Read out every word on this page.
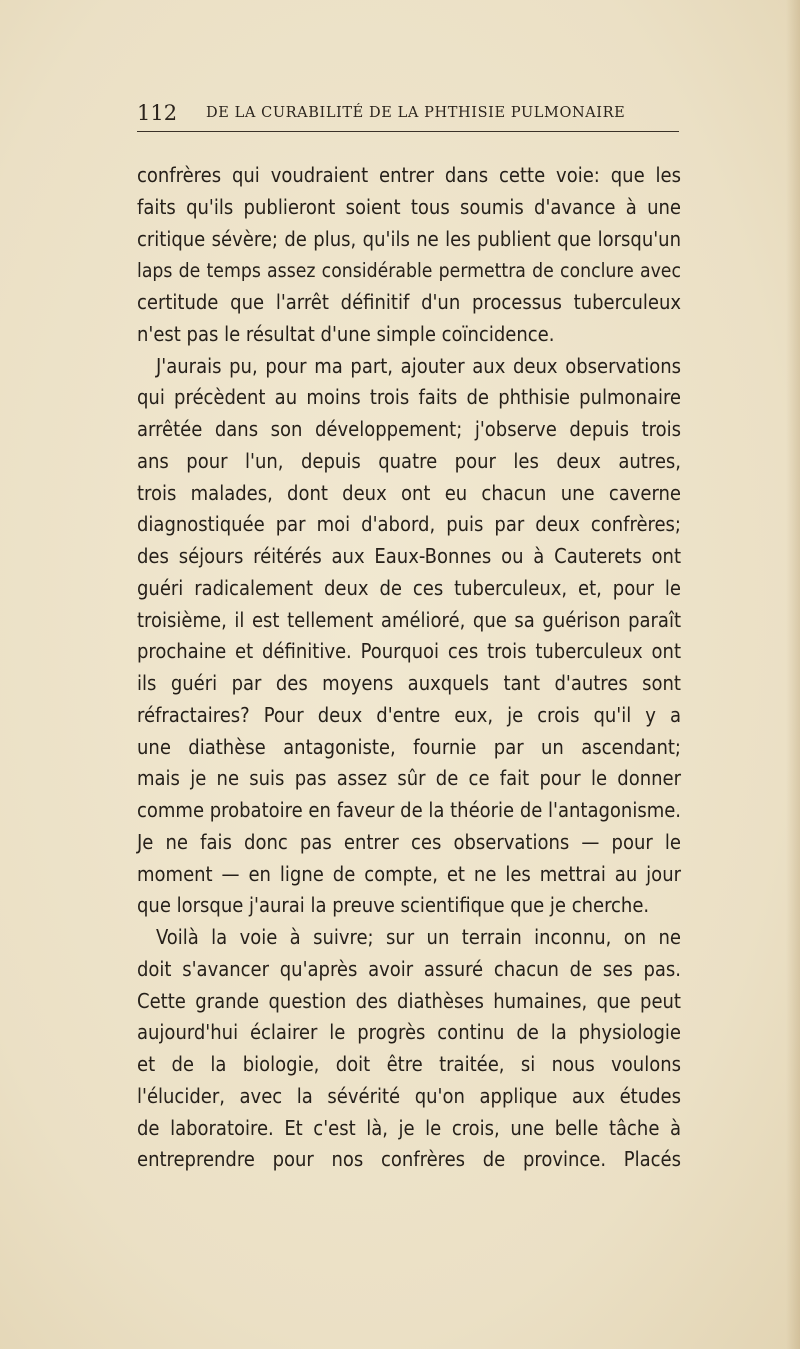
112 DE LA CURABILITÉ DE LA PHTHISIE PULMONAIRE
confrères qui voudraient entrer dans cette voie: que les
faits qu'ils publieront soient tous soumis d'avance à une
critique sévère; de plus, qu'ils ne les publient que lorsqu'un
laps de temps assez considérable permettra de conclure avec
certitude que l'arrêt définitif d'un processus tuberculeux
n'est pas le résultat d'une simple coïncidence.
J'aurais pu, pour ma part, ajouter aux deux observations
qui précèdent au moins trois faits de phthisie pulmonaire
arrêtée dans son développement; j'observe depuis trois
ans pour l'un, depuis quatre pour les deux autres,
trois malades, dont deux ont eu chacun une caverne
diagnostiquée par moi d'abord, puis par deux confrères;
des séjours réitérés aux Eaux-Bonnes ou à Cauterets ont
guéri radicalement deux de ces tuberculeux, et, pour le
troisième, il est tellement amélioré, que sa guérison paraît
prochaine et définitive. Pourquoi ces trois tuberculeux ont
ils guéri par des moyens auxquels tant d'autres sont
réfractaires? Pour deux d'entre eux, je crois qu'il y a
une diathèse antagoniste, fournie par un ascendant;
mais je ne suis pas assez sûr de ce fait pour le donner
comme probatoire en faveur de la théorie de l'antagonisme.
Je ne fais donc pas entrer ces observations — pour le
moment — en ligne de compte, et ne les mettrai au jour
que lorsque j'aurai la preuve scientifique que je cherche.
Voilà la voie à suivre; sur un terrain inconnu, on ne
doit s'avancer qu'après avoir assuré chacun de ses pas.
Cette grande question des diathèses humaines, que peut
aujourd'hui éclairer le progrès continu de la physiologie
et de la biologie, doit être traitée, si nous voulons
l'élucider, avec la sévérité qu'on applique aux études
de laboratoire. Et c'est là, je le crois, une belle tâche à
entreprendre pour nos confrères de province. Placés
